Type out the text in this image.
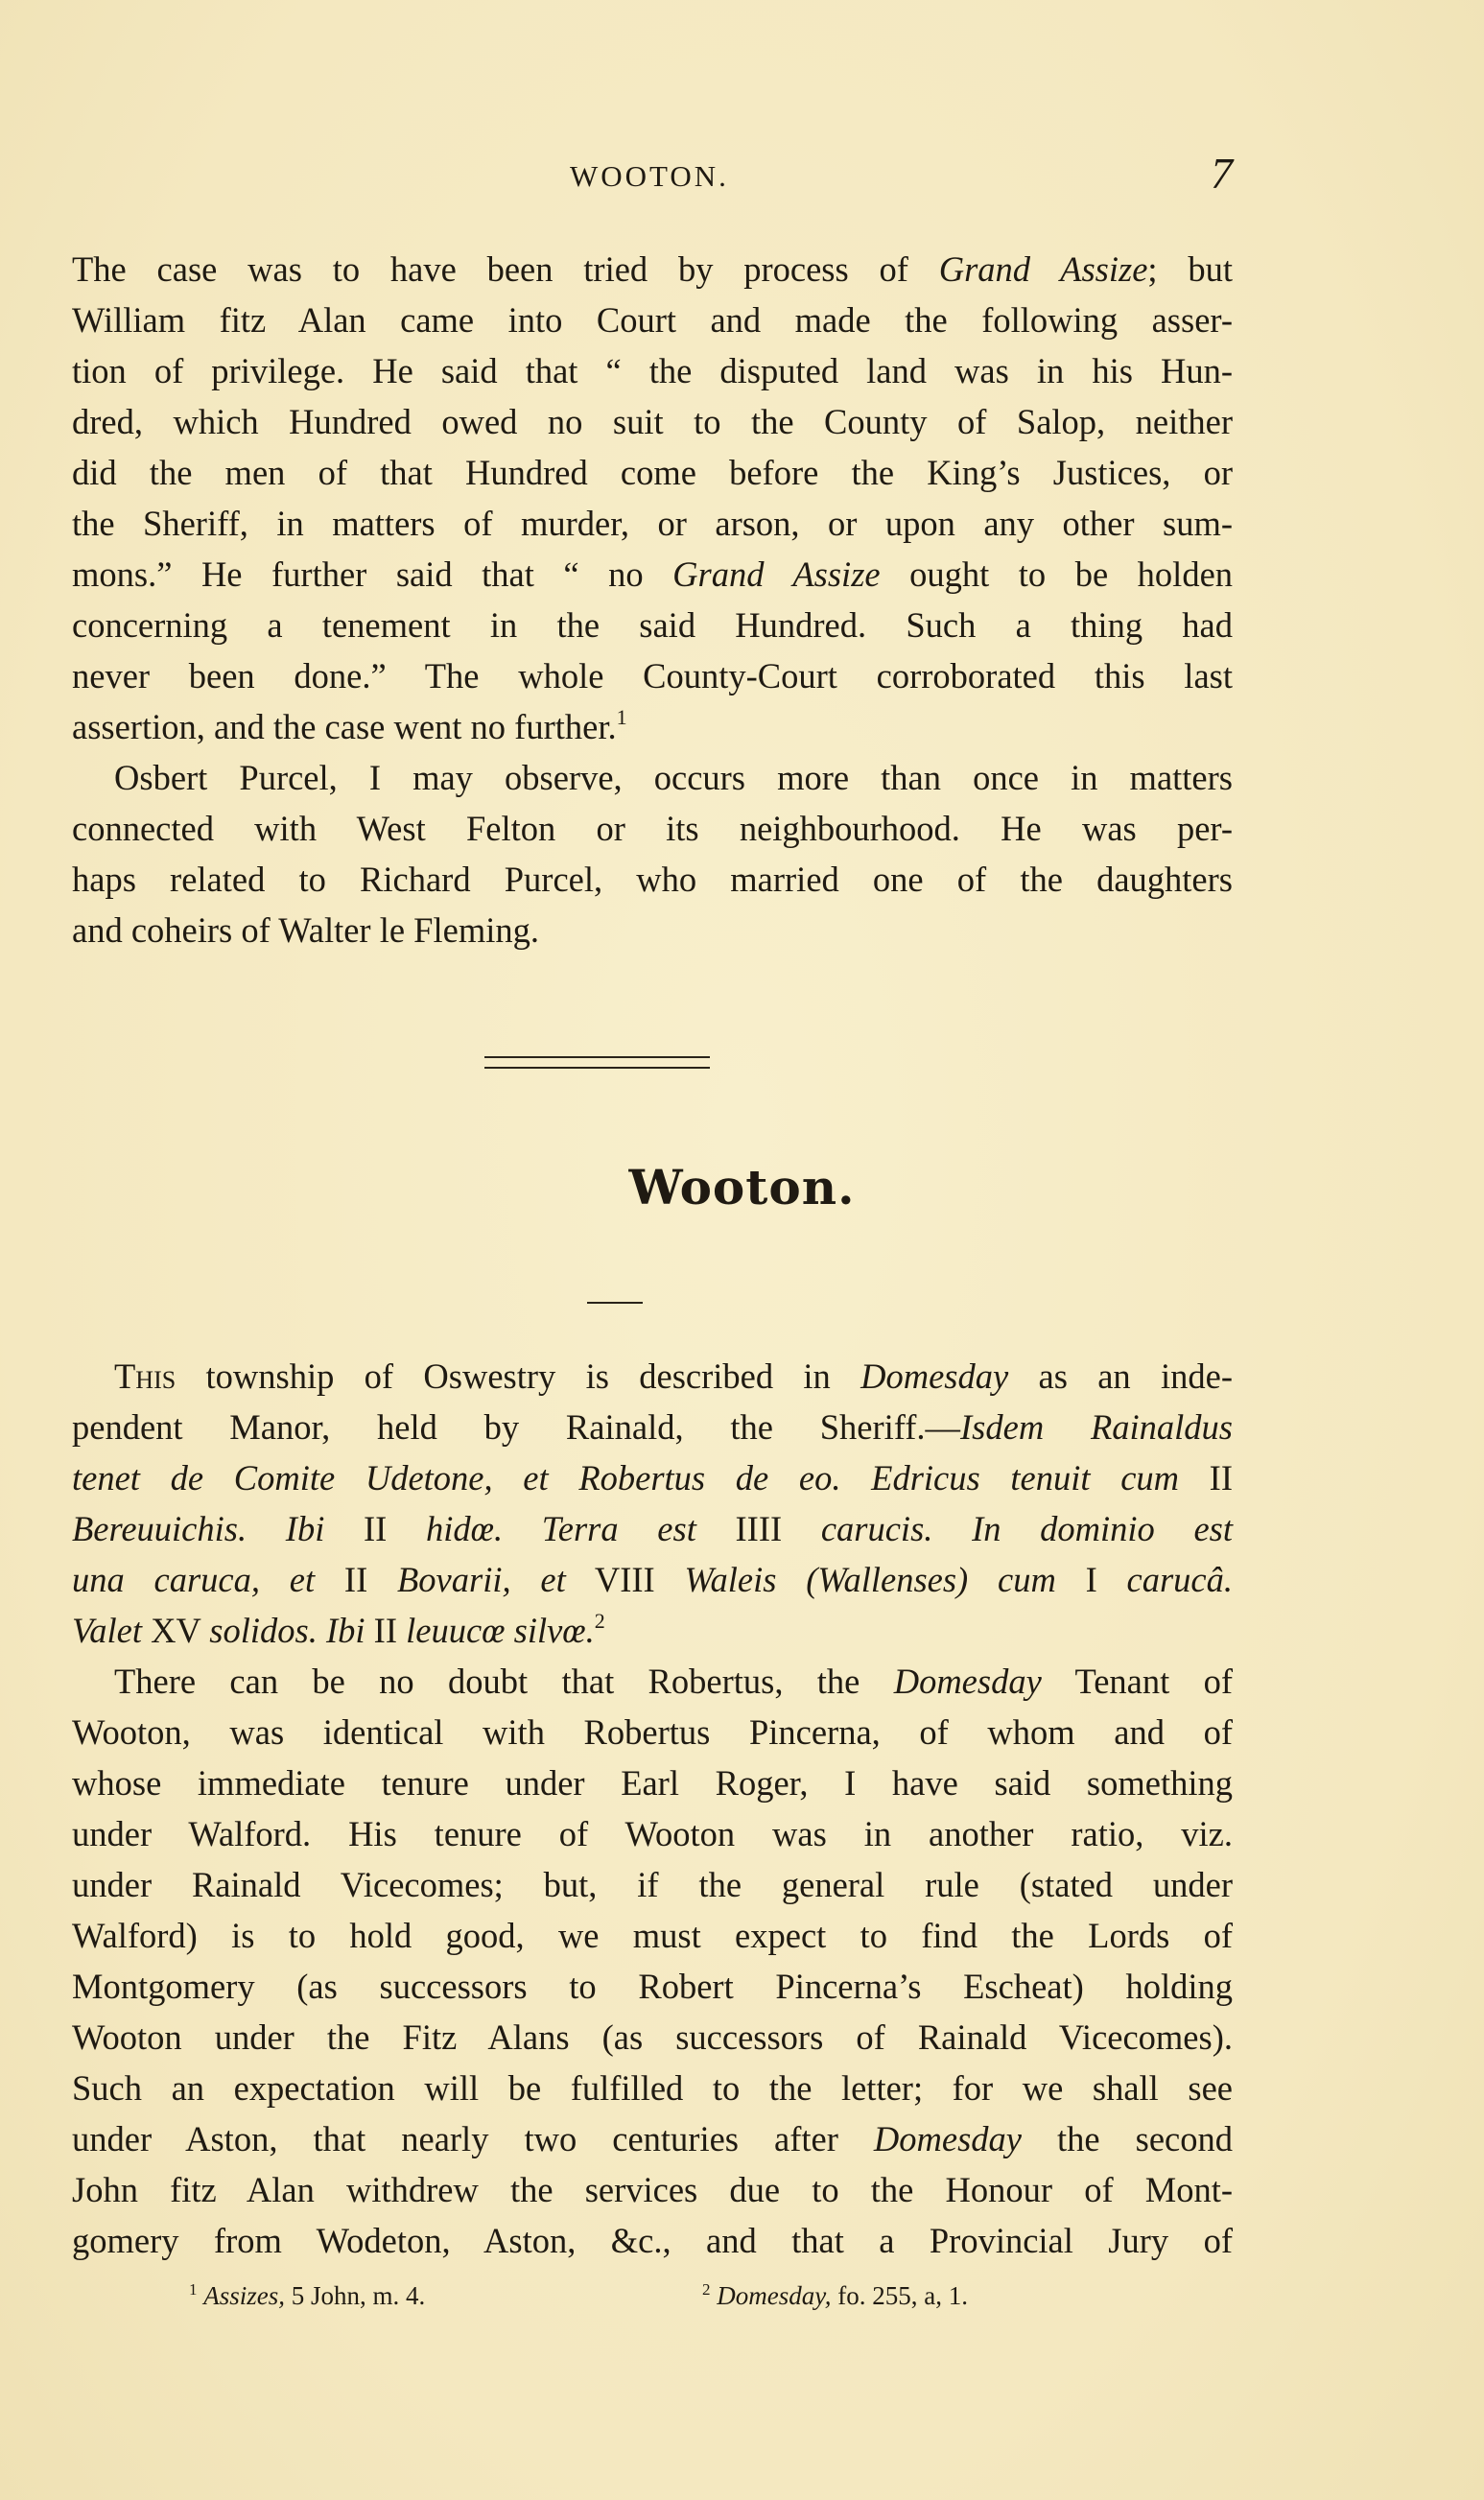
WOOTON.	7
The case was to have been tried by process of Grand Assize; but
William fitz Alan came into Court and made the following asser-
tion of privilege. He said that “ the disputed land was in his Hun-
dred, which Hundred owed no suit to the County of Salop, neither
did the men of that Hundred come before the King’s Justices, or
the Sheriff, in matters of murder, or arson, or upon any other sum-
mons.” He further said that “ no Grand Assize ought to be holden
concerning a tenement in the said Hundred. Such a thing had
never been done.” The whole County-Court corroborated this last
assertion, and the case went no further.$^1$
Osbert Purcel, I may observe, occurs more than once in matters
connected with West Felton or its neighbourhood. He was per-
haps related to Richard Purcel, who married one of the daughters
and coheirs of Walter le Fleming.
Wooton.
This township of Oswestry is described in Domesday as an inde-
pendent Manor, held by Rainald, the Sheriff.—Isdem Rainaldus
tenet de Comite Udetone, et Robertus de eo. Edricus tenuit cum II
Bereuuichis. Ibi II hidœ. Terra est IIII carucis. In dominio est
una caruca, et II Bovarii, et VIII Waleis (Wallenses) cum I carucâ.
Valet XV solidos. Ibi II leuucœ silvœ.$^2$
There can be no doubt that Robertus, the Domesday Tenant of
Wooton, was identical with Robertus Pincerna, of whom and of
whose immediate tenure under Earl Roger, I have said something
under Walford. His tenure of Wooton was in another ratio, viz.
under Rainald Vicecomes; but, if the general rule (stated under
Walford) is to hold good, we must expect to find the Lords of
Montgomery (as successors to Robert Pincerna’s Escheat) holding
Wooton under the Fitz Alans (as successors of Rainald Vicecomes).
Such an expectation will be fulfilled to the letter; for we shall see
under Aston, that nearly two centuries after Domesday the second
John fitz Alan withdrew the services due to the Honour of Mont-
gomery from Wodeton, Aston, &c., and that a Provincial Jury of
$^1$ Assizes, 5 John, m. 4.	$^2$ Domesday, fo. 255, a, 1.
